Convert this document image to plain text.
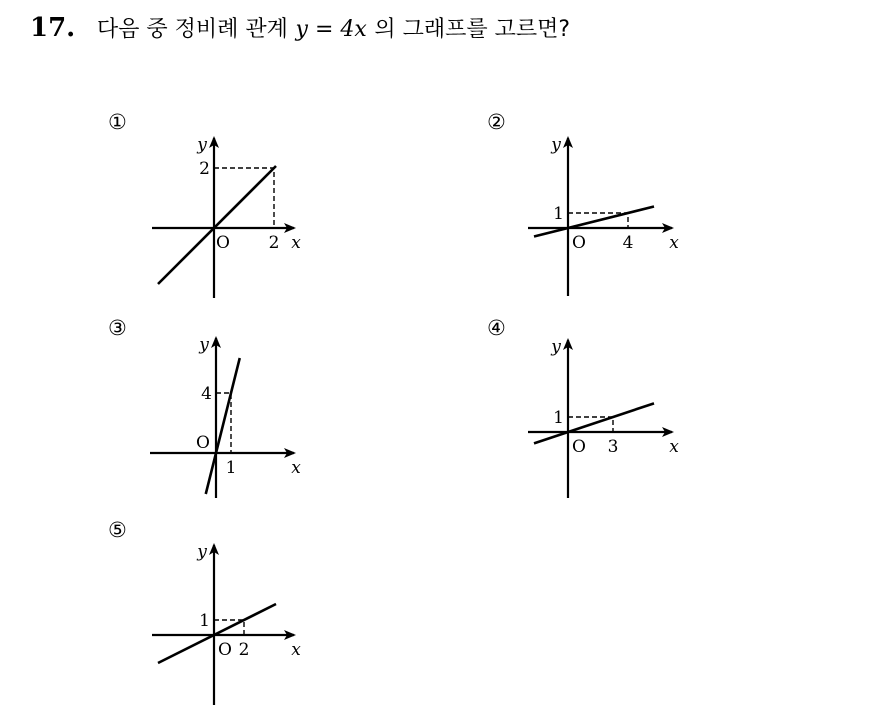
17. 다음 중 정비례 관계 y = 4x 의 그래프를 고르면?
①
x
y
O 2
2
②
x
y
O 4
1
③
x
y
O
1
4
④
x
y
O 3
1
⑤
x
y
O 2
1
